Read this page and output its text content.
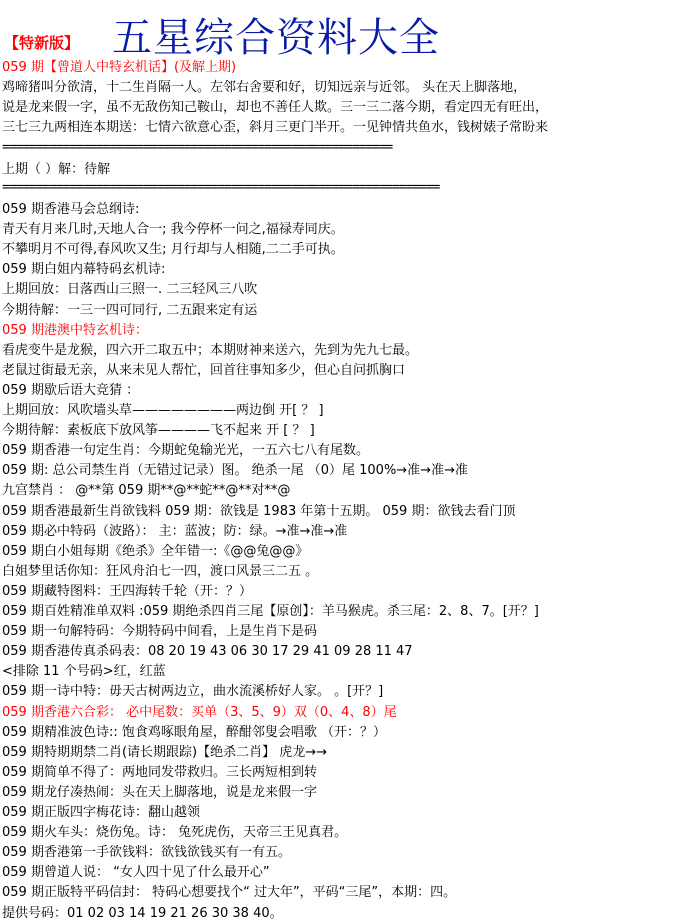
【特新版】 五星综合资料大全
059 期【曾道人中特玄机话】(及解上期)
鸡啼猪叫分欲清，十二生肖隔一人。左邻右舍要和好，切知远亲与近邻。 头在天上脚落地，
说是龙来假一字，虽不无敌伤知己鞍山，却也不善任人欺。三一三二落今期，看定四无有旺出，
三七三九两相连本期送：七情六欲意心歪，斜月三更门半开。一见钟情共鱼水，钱树婊子常盼来
==========================================================
上期（ ）解：待解
=================================================================
059 期香港马会总纲诗:
青天有月来几时,天地人合一; 我今停杯一问之,福禄寿同庆。
不攀明月不可得,春风吹又生; 月行却与人相随,二二手可执。
059 期白姐内幕特码玄机诗:
上期回放：日落西山三照一. 二三轻风三八吹
今期待解：一三一四可同行, 二五跟来定有运
059 期港澳中特玄机诗：
看虎变牛是龙猴，四六开二取五中；本期财神来送六，先到为先九七最。
老鼠过街最无亲，从来未见人帮忙，回首往事知多少，但心自问抓胸口
059 期歇后语大竞猜 ：
上期回放：风吹墙头草————————两边倒 开[ ？ ]
今期待解：素板底下放风筝————飞不起来 开 [ ？ ]
059 期香港一句定生肖：今期蛇兔输光光，一五六七八有尾数。
059 期: 总公司禁生肖（无错过记录）图。 绝杀一尾 （0）尾 100%→准→准→准
九宫禁肖 ： @**第 059 期**@**蛇**@**对**@
059 期香港最新生肖欲钱料 059 期：欲钱是 1983 年第十五期。 059 期：欲钱去看门顶
059 期必中特码（波路）： 主：蓝波；防：绿。→准→准→准
059 期白小姐每期《绝杀》全年错一:《@@兔@@》
白姐梦里话你知：狂风舟泊七一四，渡口风景三二五 。
059 期藏特图料：王四海转千轮（开：？）
059 期百姓精准单双料 :059 期绝杀四肖三尾【原创】：羊马猴虎。杀三尾：2、8、7。[开？]
059 期一句解特码：今期特码中间看，上是生肖下是码
059 期香港传真杀码表：08 20 19 43 06 30 17 29 41 09 28 11 47
<排除 11 个号码>红，红蓝
059 期一诗中特：毋天古树两边立，曲水流溪桥好人家。 。[开？]
059 期香港六合彩： 必中尾数：买单（3、5、9）双（0、4、8）尾
059 期精准波色诗:: 饱食鸡啄眼角屋，醉酣邻叟会唱歌 （开：？）
059 期特期期禁二肖(请长期跟踪)【绝杀二肖】 虎龙→→
059 期简单不得了：两地同发带救归。三长两短相到转
059 期龙仔凑热闹：头在天上脚落地，说是龙来假一字
059 期正版四字梅花诗：翻山越领
059 期火车头：烧伤兔。诗： 兔死虎伤，天帝三王见真君。
059 期香港第一手欲钱料：欲钱欲钱买有一有五。
059 期曾道人说： “女人四十见了什么最开心”
059 期正版特平码信封： 特码心想要找个“ 过大年”，平码“三尾”，本期：四。
提供号码：01 02 03 14 19 21 26 30 38 40。
